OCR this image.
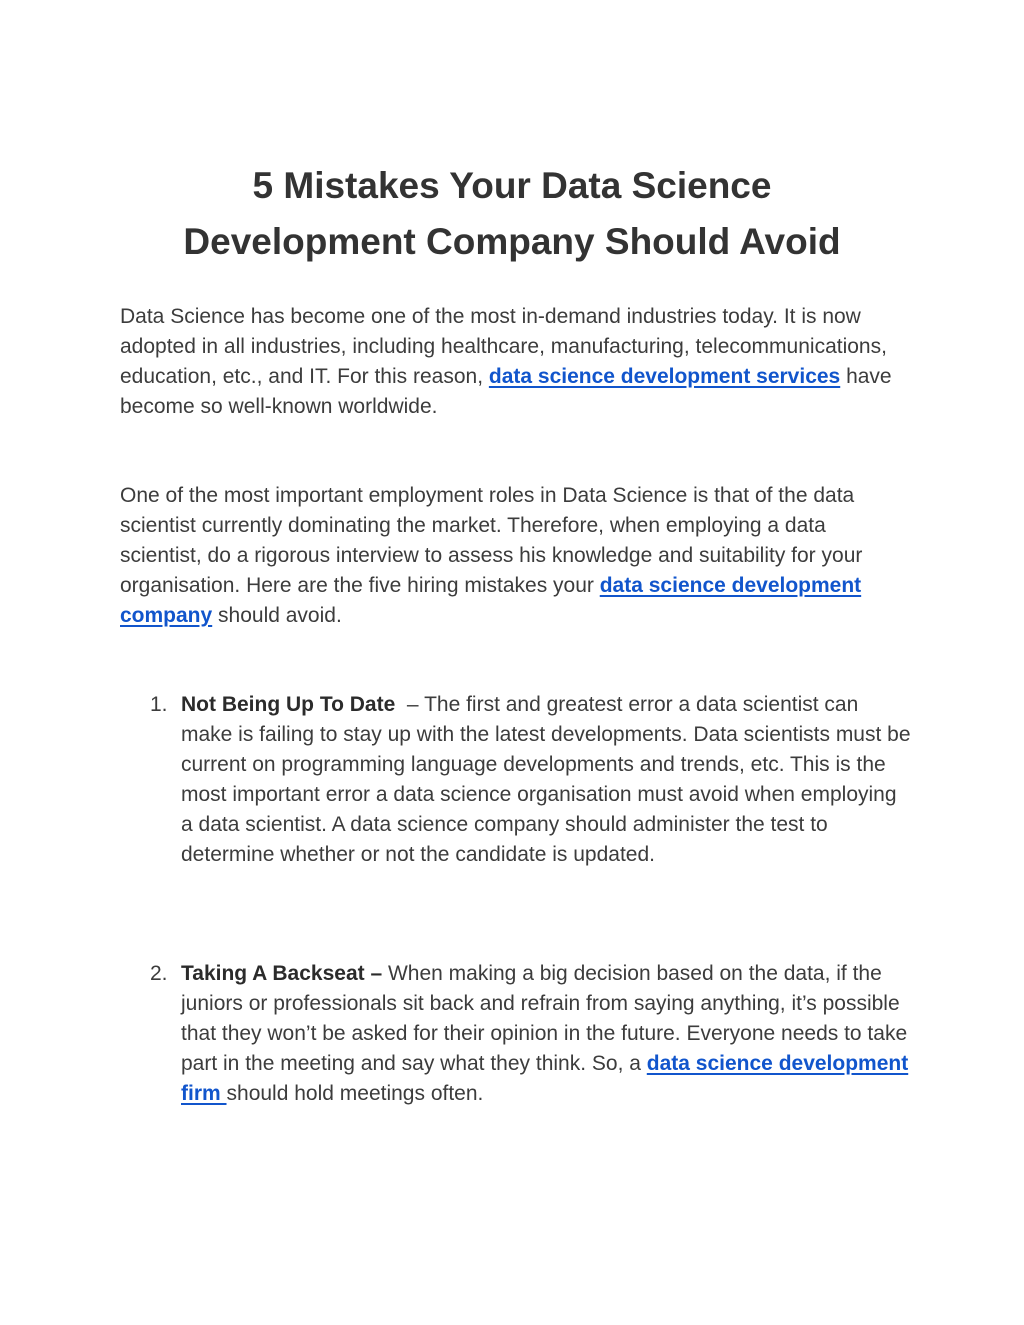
5 Mistakes Your Data Science
Development Company Should Avoid

Data Science has become one of the most in-demand industries today. It is now adopted in all industries, including healthcare, manufacturing, telecommunications, education, etc., and IT. For this reason, data science development services have become so well-known worldwide.

One of the most important employment roles in Data Science is that of the data scientist currently dominating the market. Therefore, when employing a data scientist, do a rigorous interview to assess his knowledge and suitability for your organisation. Here are the five hiring mistakes your data science development company should avoid.

1. Not Being Up To Date  – The first and greatest error a data scientist can make is failing to stay up with the latest developments. Data scientists must be current on programming language developments and trends, etc. This is the most important error a data science organisation must avoid when employing a data scientist. A data science company should administer the test to determine whether or not the candidate is updated.
2. Taking A Backseat – When making a big decision based on the data, if the juniors or professionals sit back and refrain from saying anything, it’s possible that they won’t be asked for their opinion in the future. Everyone needs to take part in the meeting and say what they think. So, a data science development firm should hold meetings often.
